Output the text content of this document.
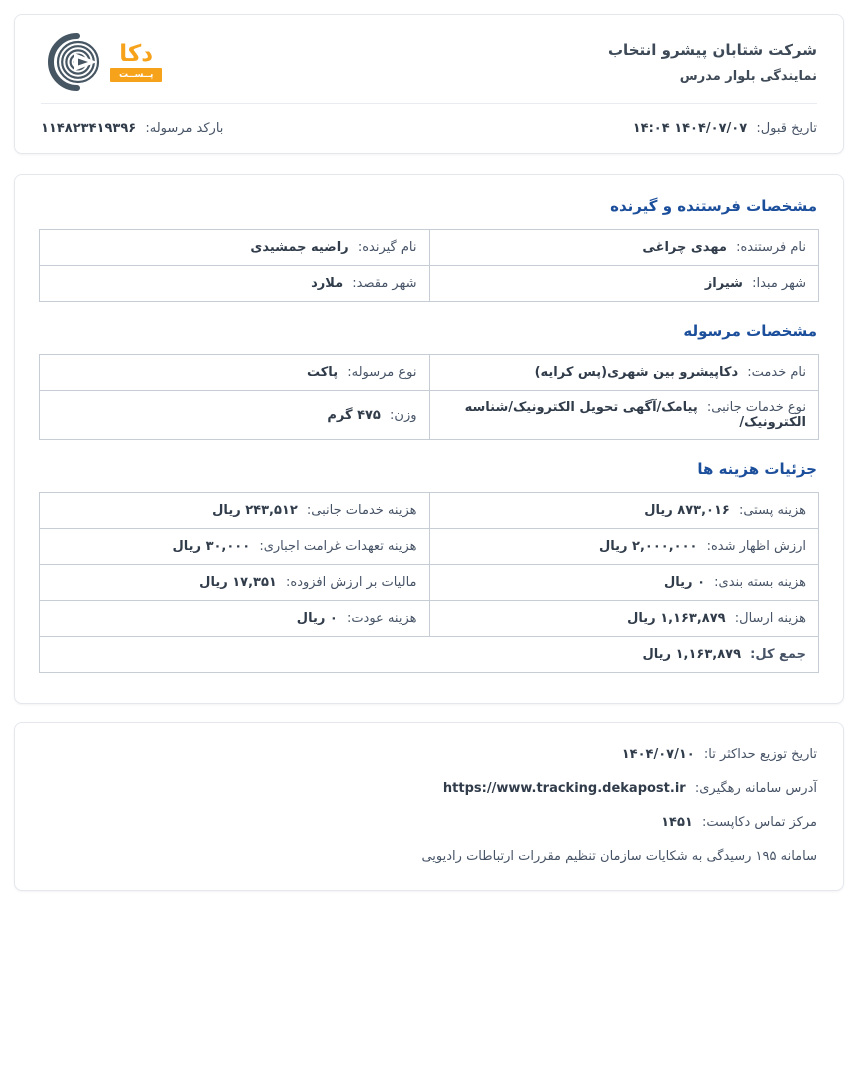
شرکت شتابان پیشرو انتخاب
نمایندگی بلوار مدرس
دکا
پــســت
تاریخ قبول: ۱۴۰۴/۰۷/۰۷ ۱۴:۰۴
بارکد مرسوله: ۱۱۴۸۲۳۴۱۹۳۹۶
مشخصات فرستنده و گیرنده
نام فرستنده: مهدی چراغی	نام گیرنده: راضیه جمشیدی
شهر مبدا: شیراز	شهر مقصد: ملارد
مشخصات مرسوله
نام خدمت: دکاپیشرو بین شهری(پس کرایه)	نوع مرسوله: پاکت
نوع خدمات جانبی: پیامک/آگهی تحویل الکترونیک/شناسه الکترونیک/	وزن: ۴۷۵ گرم
جزئیات هزینه ها
هزینه پستی: ۸۷۳,۰۱۶ ریال	هزینه خدمات جانبی: ۲۴۳,۵۱۲ ریال
ارزش اظهار شده: ۲,۰۰۰,۰۰۰ ریال	هزینه تعهدات غرامت اجباری: ۳۰,۰۰۰ ریال
هزینه بسته بندی: ۰ ریال	مالیات بر ارزش افزوده: ۱۷,۳۵۱ ریال
هزینه ارسال: ۱,۱۶۳,۸۷۹ ریال	هزینه عودت: ۰ ریال
جمع کل: ۱,۱۶۳,۸۷۹ ریال	
تاریخ توزیع حداکثر تا: ۱۴۰۴/۰۷/۱۰
آدرس سامانه رهگیری: https://www.tracking.dekapost.ir
مرکز تماس دکاپست: ۱۴۵۱
سامانه ۱۹۵ رسیدگی به شکایات سازمان تنظیم مقررات ارتباطات رادیویی
